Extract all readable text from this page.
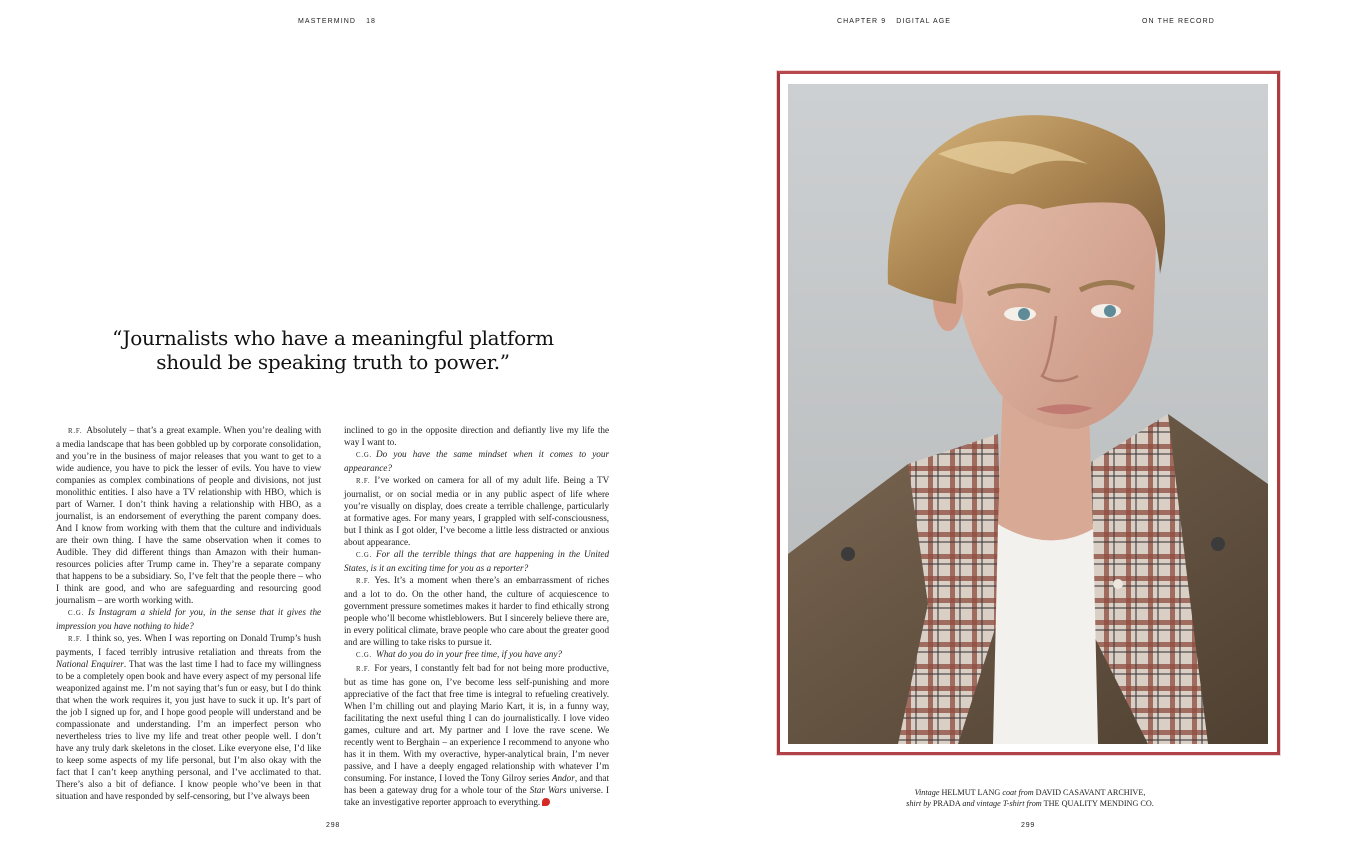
MASTERMIND 18	CHAPTER 9 DIGITAL AGE	ON THE RECORD
“Journalists who have a meaningful platform
should be speaking truth to power.”

R.F. Absolutely – that’s a great example. When you’re dealing with a media landscape that has been gobbled up by corporate consolidation, and you’re in the business of major releases that you want to get to a wide audience, you have to pick the lesser of evils. You have to view companies as complex combinations of people and divisions, not just monolithic entities. I also have a TV relationship with HBO, which is part of Warner. I don’t think having a relationship with HBO, as a journalist, is an endorsement of everything the parent company does. And I know from working with them that the culture and individuals are their own thing. I have the same observation when it comes to Audible. They did different things than Amazon with their human-resources policies after Trump came in. They’re a separate company that happens to be a subsidiary. So, I’ve felt that the people there – who I think are good, and who are safeguarding and resourcing good journalism – are worth working with.

C.G. Is Instagram a shield for you, in the sense that it gives the impression you have nothing to hide?

R.F. I think so, yes. When I was reporting on Donald Trump’s hush payments, I faced terribly intrusive retaliation and threats from the National Enquirer. That was the last time I had to face my willingness to be a completely open book and have every aspect of my personal life weaponized against me. I’m not saying that’s fun or easy, but I do think that when the work requires it, you just have to suck it up. It’s part of the job I signed up for, and I hope good people will understand and be compassionate and understanding. I’m an imperfect person who nevertheless tries to live my life and treat other people well. I don’t have any truly dark skeletons in the closet. Like everyone else, I’d like to keep some aspects of my life personal, but I’m also okay with the fact that I can’t keep anything personal, and I’ve acclimated to that. There’s also a bit of defiance. I know people who’ve been in that situation and have responded by self-censoring, but I’ve always been

inclined to go in the opposite direction and defiantly live my life the way I want to.

C.G. Do you have the same mindset when it comes to your appearance?

R.F. I’ve worked on camera for all of my adult life. Being a TV journalist, or on social media or in any public aspect of life where you’re visually on display, does create a terrible challenge, particularly at formative ages. For many years, I grappled with self-consciousness, but I think as I got older, I’ve become a little less distracted or anxious about appearance.

C.G. For all the terrible things that are happening in the United States, is it an exciting time for you as a reporter?

R.F. Yes. It’s a moment when there’s an embarrassment of riches and a lot to do. On the other hand, the culture of acquiescence to government pressure sometimes makes it harder to find ethically strong people who’ll become whistleblowers. But I sincerely believe there are, in every political climate, brave people who care about the greater good and are willing to take risks to pursue it.

C.G. What do you do in your free time, if you have any?

R.F. For years, I constantly felt bad for not being more productive, but as time has gone on, I’ve become less self-punishing and more appreciative of the fact that free time is integral to refueling creatively. When I’m chilling out and playing Mario Kart, it is, in a funny way, facilitating the next useful thing I can do journalistically. I love video games, culture and art. My partner and I love the rave scene. We recently went to Berghain – an experience I recommend to anyone who has it in them. With my overactive, hyper-analytical brain, I’m never passive, and I have a deeply engaged relationship with whatever I’m consuming. For instance, I loved the Tony Gilroy series Andor, and that has been a gateway drug for a whole tour of the Star Wars universe. I take an investigative reporter approach to everything.

298	299
Vintage HELMUT LANG coat from DAVID CASAVANT ARCHIVE,
shirt by PRADA and vintage T-shirt from THE QUALITY MENDING CO.
